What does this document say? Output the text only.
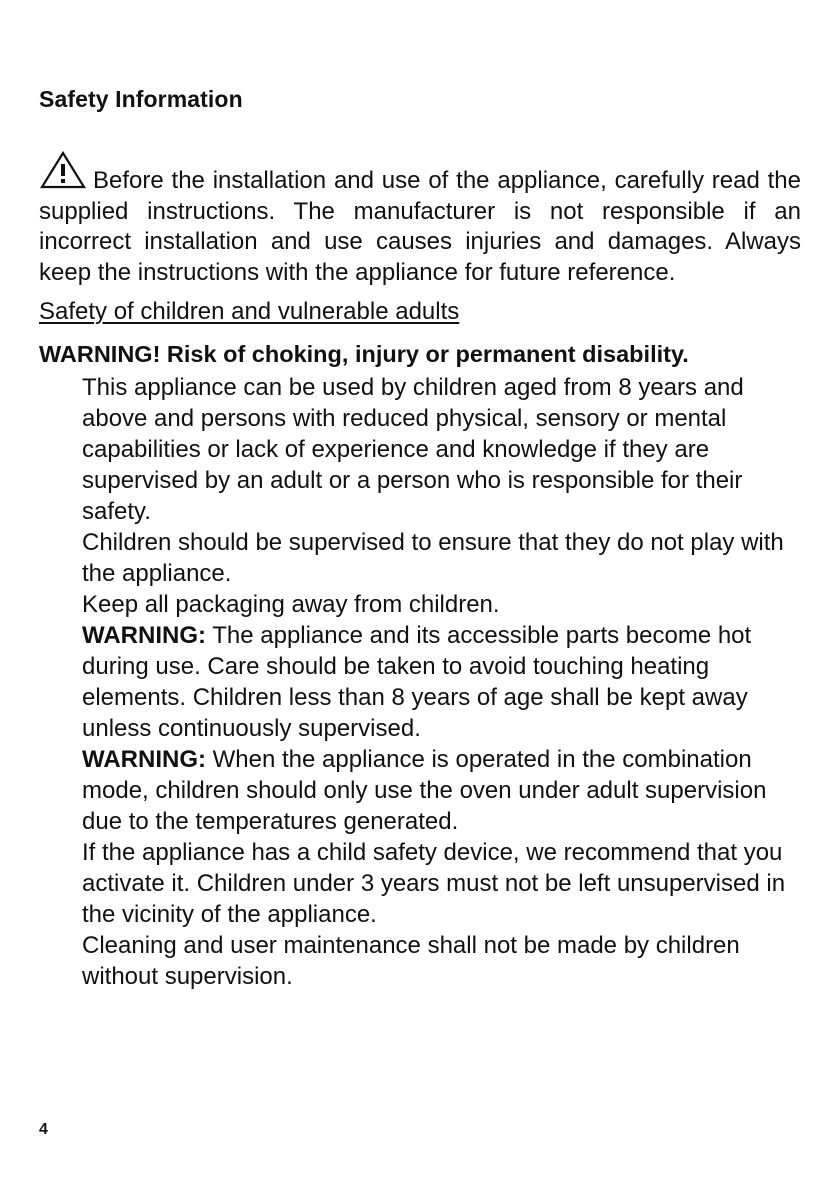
Safety Information
Before the installation and use of the appliance, carefully read the supplied instructions. The manufacturer is not responsible if an incorrect installation and use causes injuries and damages. Always keep the instructions with the appliance for future reference.
Safety of children and vulnerable adults
WARNING! Risk of choking, injury or permanent disability.
This appliance can be used by children aged from 8 years and above and persons with reduced physical, sensory or mental capabilities or lack of experience and knowledge if they are supervised by an adult or a person who is responsible for their safety.
Children should be supervised to ensure that they do not play with the appliance.
Keep all packaging away from children.
WARNING: The appliance and its accessible parts become hot during use. Care should be taken to avoid touching heating elements. Children less than 8 years of age shall be kept away unless continuously supervised.
WARNING: When the appliance is operated in the combination mode, children should only use the oven under adult supervision due to the temperatures generated.
If the appliance has a child safety device, we recommend that you activate it. Children under 3 years must not be left unsupervised in the vicinity of the appliance.
Cleaning and user maintenance shall not be made by children without supervision.
4
